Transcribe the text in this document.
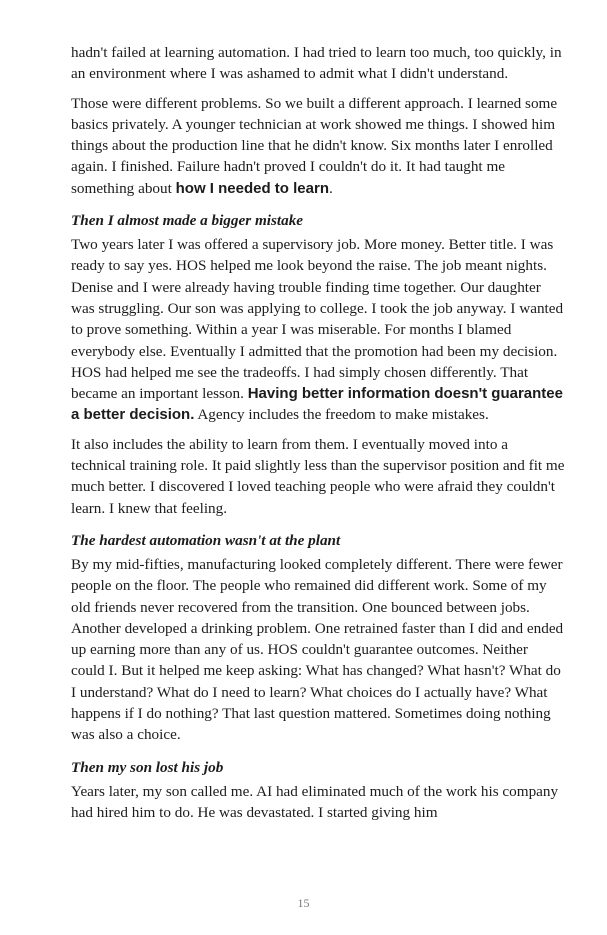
hadn't failed at learning automation. I had tried to learn too much, too quickly, in an environment where I was ashamed to admit what I didn't understand.

Those were different problems. So we built a different approach. I learned some basics privately. A younger technician at work showed me things. I showed him things about the production line that he didn't know. Six months later I enrolled again. I finished. Failure hadn't proved I couldn't do it. It had taught me something about how I needed to learn.

Then I almost made a bigger mistake

Two years later I was offered a supervisory job. More money. Better title. I was ready to say yes. HOS helped me look beyond the raise. The job meant nights. Denise and I were already having trouble finding time together. Our daughter was struggling. Our son was applying to college. I took the job anyway. I wanted to prove something. Within a year I was miserable. For months I blamed everybody else. Eventually I admitted that the promotion had been my decision. HOS had helped me see the tradeoffs. I had simply chosen differently. That became an important lesson. Having better information doesn't guarantee a better decision. Agency includes the freedom to make mistakes.

It also includes the ability to learn from them. I eventually moved into a technical training role. It paid slightly less than the supervisor position and fit me much better. I discovered I loved teaching people who were afraid they couldn't learn. I knew that feeling.

The hardest automation wasn't at the plant

By my mid-fifties, manufacturing looked completely different. There were fewer people on the floor. The people who remained did different work. Some of my old friends never recovered from the transition. One bounced between jobs. Another developed a drinking problem. One retrained faster than I did and ended up earning more than any of us. HOS couldn't guarantee outcomes. Neither could I. But it helped me keep asking: What has changed? What hasn't? What do I understand? What do I need to learn? What choices do I actually have? What happens if I do nothing? That last question mattered. Sometimes doing nothing was also a choice.

Then my son lost his job

Years later, my son called me. AI had eliminated much of the work his company had hired him to do. He was devastated. I started giving him

15
